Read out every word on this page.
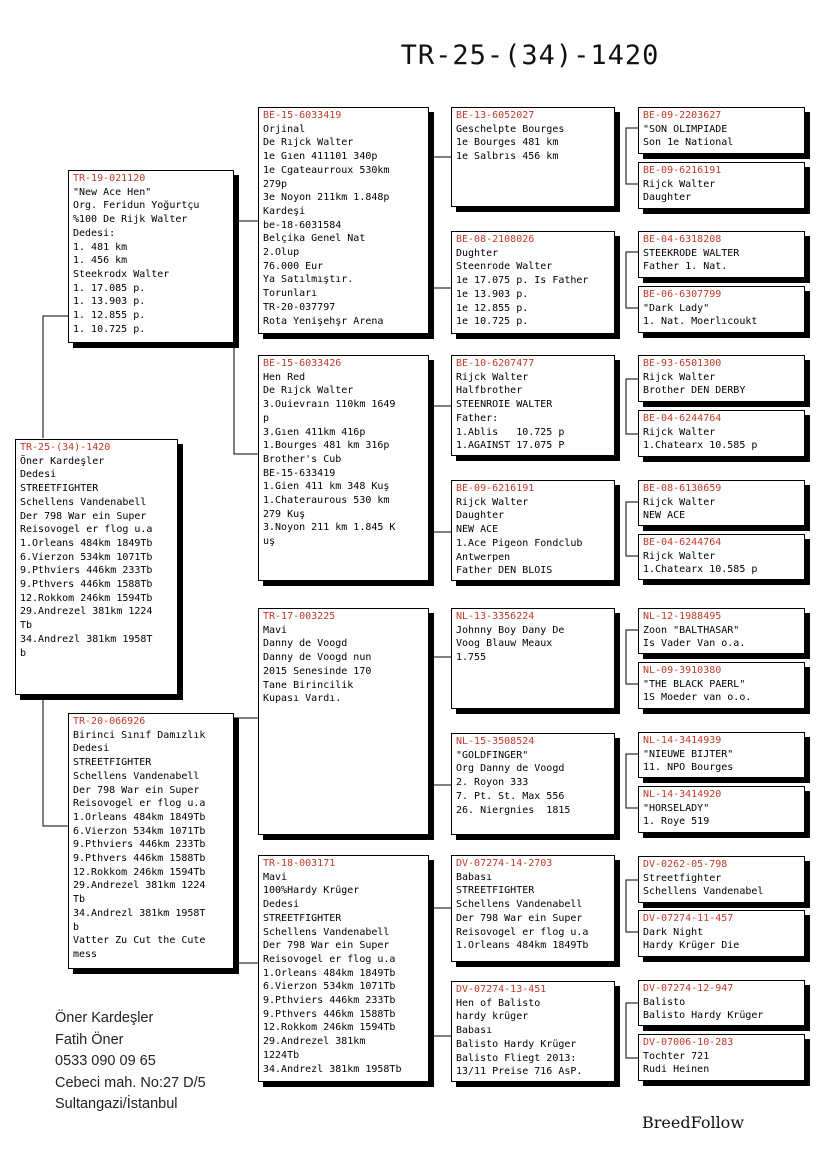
TR-25-(34)-1420
TR-25-(34)-1420
Öner Kardeşler
Dedesi
STREETFIGHTER
Schellens Vandenabell
Der 798 War ein Super
Reisovogel er flog u.a
1.Orleans 484km 1849Tb
6.Vierzon 534km 1071Tb
9.Pthviers 446km 233Tb
9.Pthvers 446km 1588Tb
12.Rokkom 246km 1594Tb
29.Andrezel 381km 1224
Tb
34.Andrezl 381km 1958T
b
TR-19-021120
"New Ace Hen"
Org. Feridun Yoğurtçu
%100 De Rijk Walter
Dedesi:
1. 481 km
1. 456 km
Steekrodx Walter
1. 17.085 p.
1. 13.903 p.
1. 12.855 p.
1. 10.725 p.
TR-20-066926
Birinci Sınıf Damızlık
Dedesi
STREETFIGHTER
Schellens Vandenabell
Der 798 War ein Super
Reisovogel er flog u.a
1.Orleans 484km 1849Tb
6.Vierzon 534km 1071Tb
9.Pthviers 446km 233Tb
9.Pthvers 446km 1588Tb
12.Rokkom 246km 1594Tb
29.Andrezel 381km 1224
Tb
34.Andrezl 381km 1958T
b
Vatter Zu Cut the Cute
mess
BE-15-6033419
Orjinal
De Rıjck Walter
1e Gıen 411101 340p
1e Cgateaurroux 530km
279p
3e Noyon 211km 1.848p
Kardeşi
be-18-6031584
Belçika Genel Nat
2.Olup
76.000 Eur
Ya Satılmıştır.
Torunları
TR-20-037797
Rota Yenişehşr Arena
BE-15-6033426
Hen Red
De Rıjck Walter
3.Ouievraın 110km 1649
p
3.Gıen 411km 416p
1.Bourges 481 km 316p
Brother's Cub
BE-15-633419
1.Gien 411 km 348 Kuş
1.Chateraurous 530 km
279 Kuş
3.Noyon 211 km 1.845 K
uş
TR-17-003225
Mavi
Danny de Voogd
Danny de Voogd nun
2015 Senesinde 170
Tane Birincilik
Kupası Vardı.
TR-18-003171
Mavi
100%Hardy Krüger
Dedesi
STREETFIGHTER
Schellens Vandenabell
Der 798 War ein Super
Reisovogel er flog u.a
1.Orleans 484km 1849Tb
6.Vierzon 534km 1071Tb
9.Pthviers 446km 233Tb
9.Pthvers 446km 1588Tb
12.Rokkom 246km 1594Tb
29.Andrezel 381km
1224Tb
34.Andrezl 381km 1958Tb
BE-13-6052027
Geschelpte Bourges
1e Bourges 481 km
1e Salbrıs 456 km
BE-08-2108026
Dughter
Steenrode Walter
1e 17.075 p. Is Father
1e 13.903 p.
1e 12.855 p.
1e 10.725 p.
BE-10-6207477
Rijck Walter
Halfbrother
STEENROIE WALTER
Father:
1.Ablis   10.725 p
1.AGAINST 17.075 P
BE-09-6216191
Rijck Walter
Daughter
NEW ACE
1.Ace Pigeon Fondclub
Antwerpen
Father DEN BLOIS
NL-13-3356224
Johnny Boy Dany De
Voog Blauw Meaux
1.755
NL-15-3508524
"GOLDFINGER"
Org Danny de Voogd
2. Royon 333
7. Pt. St. Max 556
26. Niergnies  1815
DV-07274-14-2703
Babası
STREETFIGHTER
Schellens Vandenabell
Der 798 War ein Super
Reisovogel er flog u.a
1.Orleans 484km 1849Tb
DV-07274-13-451
Hen of Balisto
hardy krüger
Babası
Balisto Hardy Krüger
Balisto Fliegt 2013:
13/11 Preise 716 AsP.
BE-09-2203627
"SON OLIMPIADE
Son 1e National
BE-09-6216191
Rijck Walter
Daughter
BE-04-6318208
STEEKRODE WALTER
Father 1. Nat.
BE-06-6307799
"Dark Lady"
1. Nat. Moerlıcoukt
BE-93-6501300
Rijck Walter
Brother DEN DERBY
BE-04-6244764
Rijck Walter
1.Chatearx 10.585 p
BE-08-6130659
Rijck Walter
NEW ACE
BE-04-6244764
Rijck Walter
1.Chatearx 10.585 p
NL-12-1988495
Zoon "BALTHASAR"
Is Vader Van o.a.
NL-09-3910380
"THE BLACK PAERL"
1S Moeder van o.o.
NL-14-3414939
"NIEUWE BIJTER"
11. NPO Bourges
NL-14-3414920
"HORSELADY"
1. Roye 519
DV-0262-05-798
Streetfighter
Schellens Vandenabel
DV-07274-11-457
Dark Night
Hardy Krüger Die
DV-07274-12-947
Balisto
Balisto Hardy Krüger
DV-07006-10-283
Tochter 721
Rudi Heinen
Öner Kardeşler
Fatih Öner
0533 090 09 65
Cebeci mah. No:27 D/5
Sultangazi/İstanbul
BreedFollow
